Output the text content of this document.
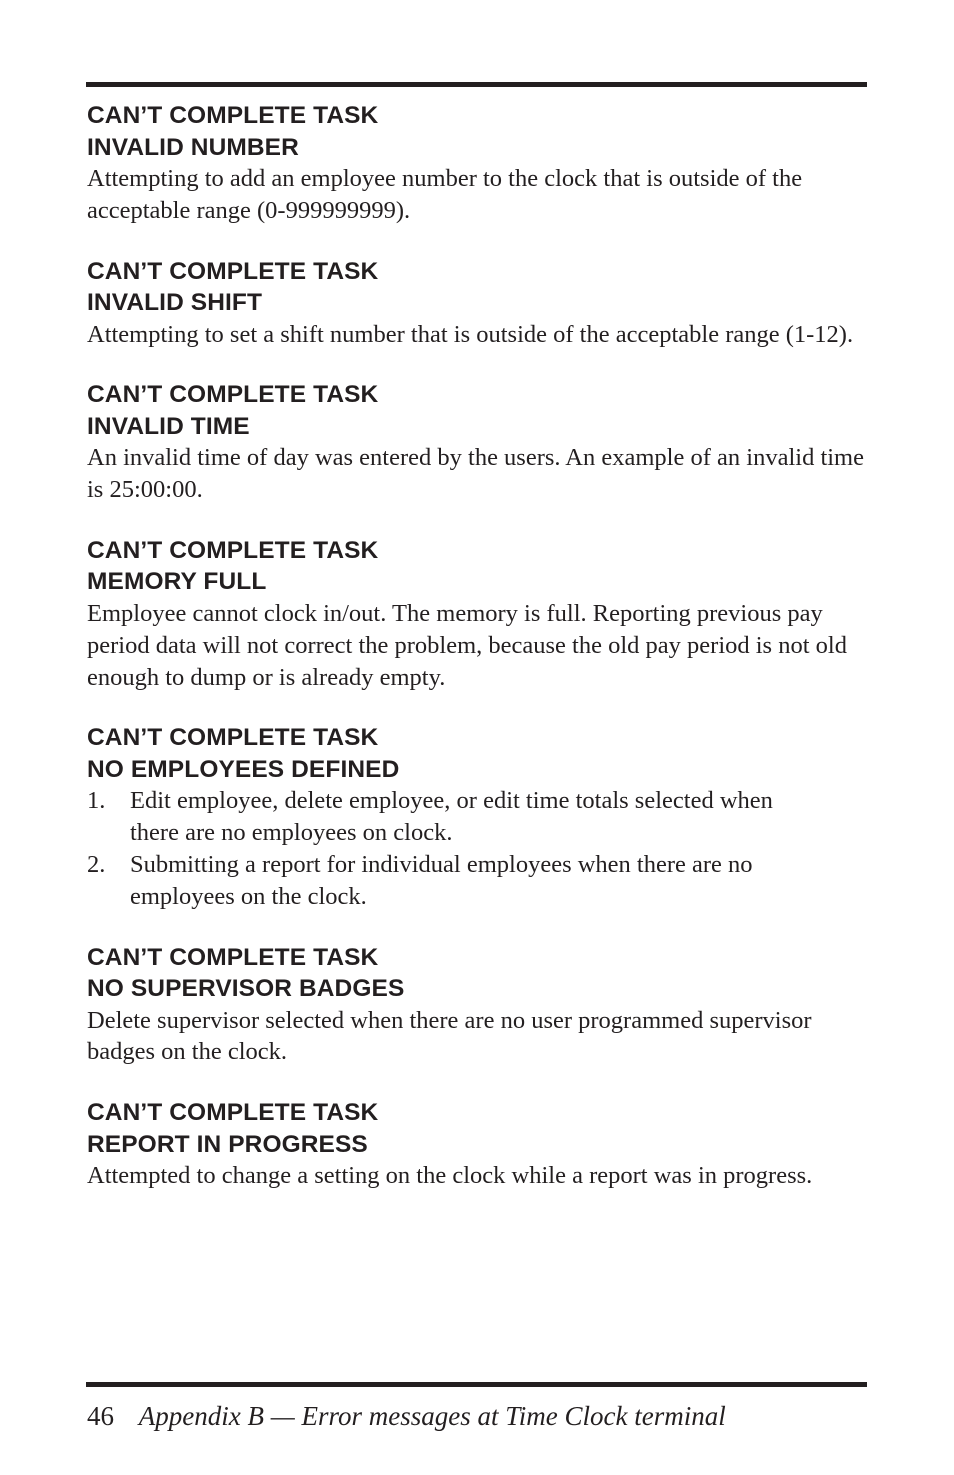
CAN’T COMPLETE TASK
INVALID NUMBER

Attempting to add an employee number to the clock that is outside of the acceptable range (0-999999999).

CAN’T COMPLETE TASK
INVALID SHIFT

Attempting to set a shift number that is outside of the acceptable range (1-12).

CAN’T COMPLETE TASK
INVALID TIME

An invalid time of day was entered by the users. An example of an invalid time is 25:00:00.

CAN’T COMPLETE TASK
MEMORY FULL

Employee cannot clock in/out. The memory is full. Reporting previous pay period data will not correct the problem, because the old pay period is not old enough to dump or is already empty.

CAN’T COMPLETE TASK
NO EMPLOYEES DEFINED
1. Edit employee, delete employee, or edit time totals selected when there are no employees on clock.
2. Submitting a report for individual employees when there are no employees on the clock.
CAN’T COMPLETE TASK
NO SUPERVISOR BADGES

Delete supervisor selected when there are no user programmed supervisor badges on the clock.

CAN’T COMPLETE TASK
REPORT IN PROGRESS

Attempted to change a setting on the clock while a report was in progress.

46 Appendix B — Error messages at Time Clock terminal
